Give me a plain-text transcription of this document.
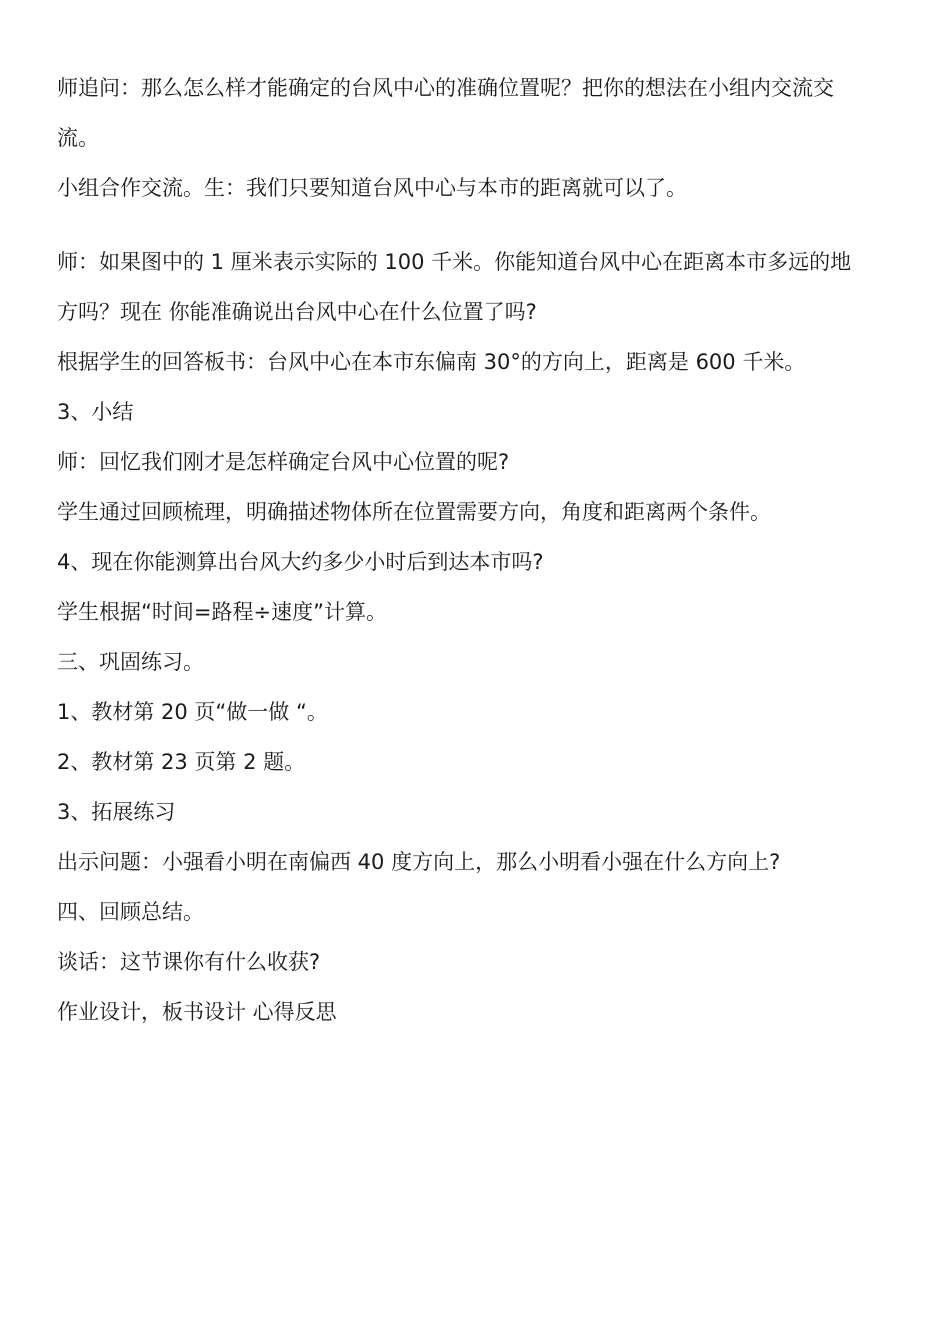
师追问：那么怎么样才能确定的台风中心的准确位置呢？把你的想法在小组内交流交
流。
小组合作交流。生：我们只要知道台风中心与本市的距离就可以了。
师：如果图中的 1 厘米表示实际的 100 千米。你能知道台风中心在距离本市多远的地
方吗？现在 你能准确说出台风中心在什么位置了吗?
根据学生的回答板书：台风中心在本市东偏南 30°的方向上，距离是 600 千米。
3、小结
师：回忆我们刚才是怎样确定台风中心位置的呢?
学生通过回顾梳理，明确描述物体所在位置需要方向，角度和距离两个条件。
4、现在你能测算出台风大约多少小时后到达本市吗?
学生根据“时间=路程÷速度”计算。
三、巩固练习。
1、教材第 20 页“做一做 “。
2、教材第 23 页第 2 题。
3、拓展练习
出示问题：小强看小明在南偏西 40 度方向上，那么小明看小强在什么方向上?
四、回顾总结。
谈话：这节课你有什么收获?
作业设计，板书设计 心得反思
